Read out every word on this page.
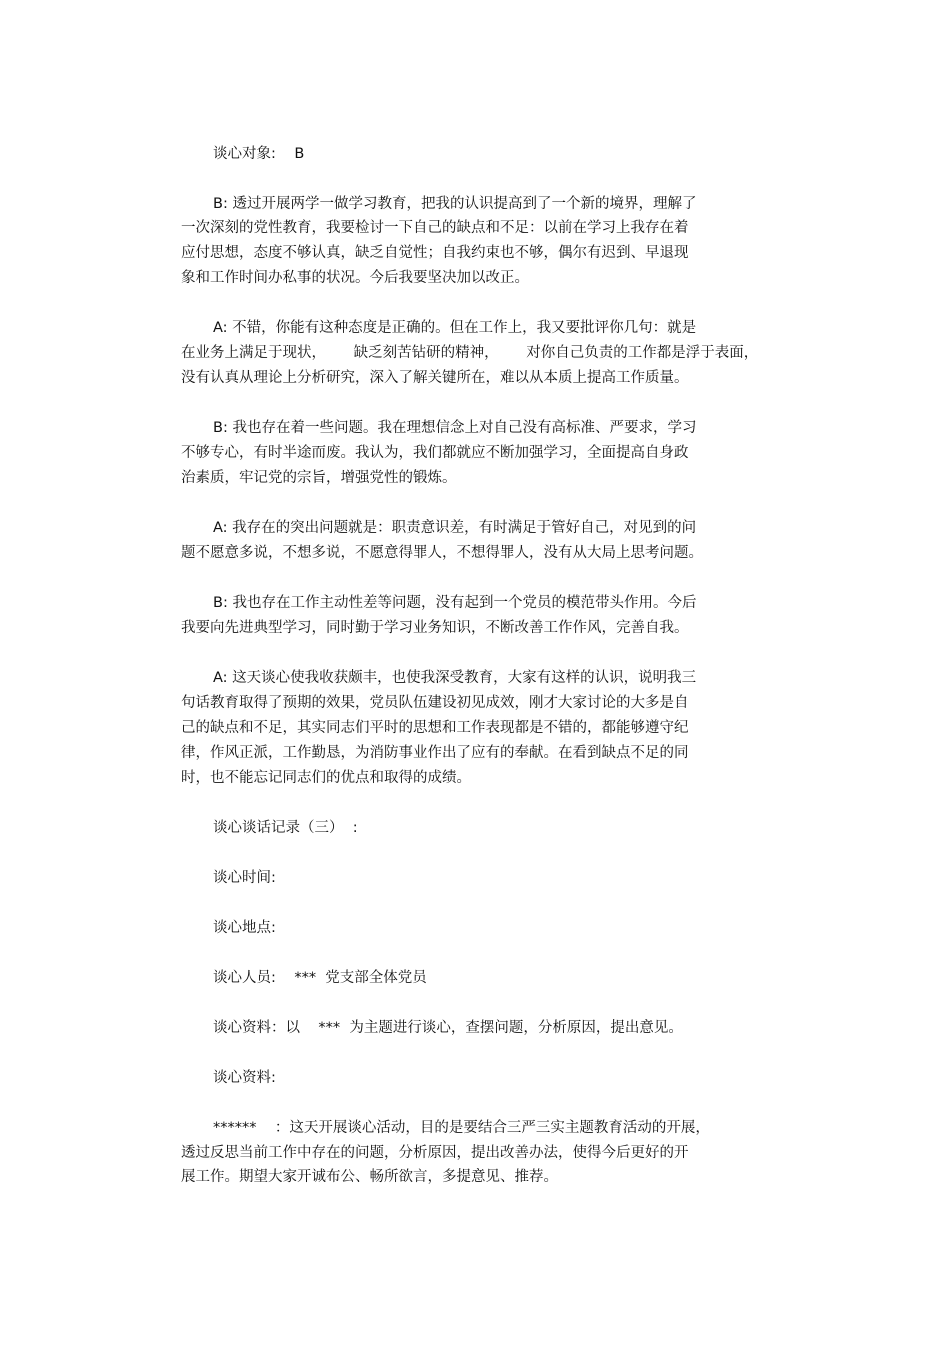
谈心对象:    B

B: 透过开展两学一做学习教育，把我的认识提高到了一个新的境界，理解了

一次深刻的党性教育，我要检讨一下自己的缺点和不足：以前在学习上我存在着

应付思想，态度不够认真，缺乏自觉性；自我约束也不够，偶尔有迟到、早退现

象和工作时间办私事的状况。今后我要坚决加以改正。

A: 不错，你能有这种态度是正确的。但在工作上，我又要批评你几句：就是

在业务上满足于现状，      缺乏刻苦钻研的精神，      对你自己负责的工作都是浮于表面，

没有认真从理论上分析研究，深入了解关键所在，难以从本质上提高工作质量。

B: 我也存在着一些问题。我在理想信念上对自己没有高标准、严要求，学习

不够专心，有时半途而废。我认为，我们都就应不断加强学习，全面提高自身政

治素质，牢记党的宗旨，增强党性的锻炼。

A: 我存在的突出问题就是：职责意识差，有时满足于管好自己，对见到的问

题不愿意多说，不想多说，不愿意得罪人，不想得罪人，没有从大局上思考问题。

B: 我也存在工作主动性差等问题，没有起到一个党员的模范带头作用。今后

我要向先进典型学习，同时勤于学习业务知识，不断改善工作作风，完善自我。

A: 这天谈心使我收获颇丰，也使我深受教育，大家有这样的认识，说明我三

句话教育取得了预期的效果，党员队伍建设初见成效，刚才大家讨论的大多是自

己的缺点和不足，其实同志们平时的思想和工作表现都是不错的，都能够遵守纪

律，作风正派，工作勤恳，为消防事业作出了应有的奉献。在看到缺点不足的同

时，也不能忘记同志们的优点和取得的成绩。

谈心谈话记录（三）  :

谈心时间:

谈心地点:

谈心人员:    ***  党支部全体党员

谈心资料：以    ***  为主题进行谈心，查摆问题，分析原因，提出意见。

谈心资料:

******    ：这天开展谈心活动，目的是要结合三严三实主题教育活动的开展，

透过反思当前工作中存在的问题，分析原因，提出改善办法，使得今后更好的开

展工作。期望大家开诚布公、畅所欲言，多提意见、推荐。
